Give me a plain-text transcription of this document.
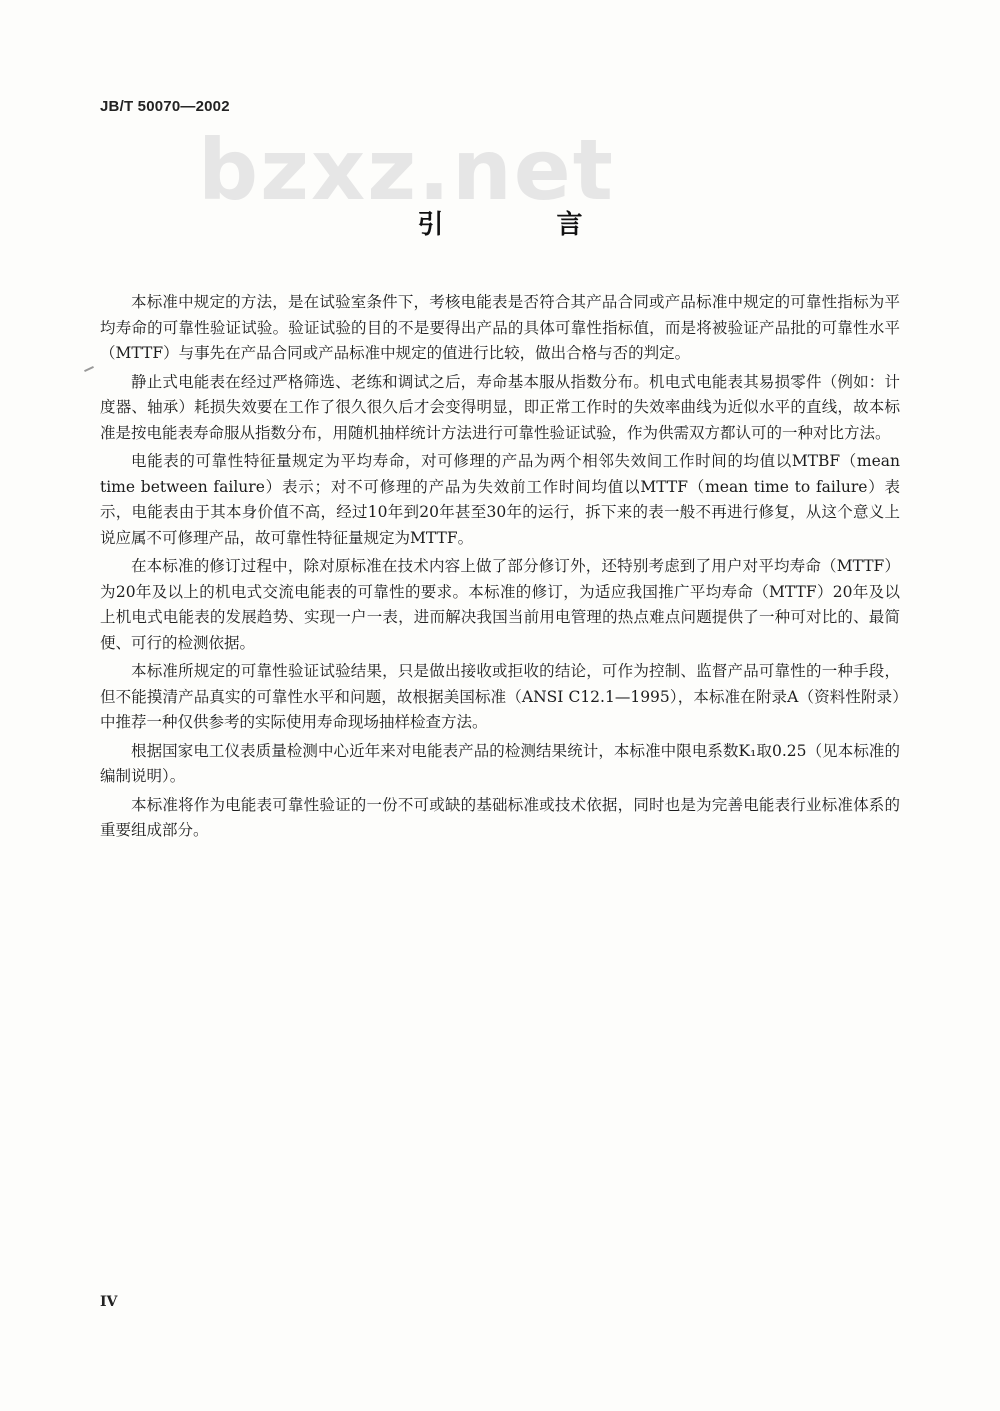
JB/T 50070—2002
bzxz.net
引 言

本标准中规定的方法，是在试验室条件下，考核电能表是否符合其产品合同或产品标准中规定的可靠性指标为平均寿命的可靠性验证试验。验证试验的目的不是要得出产品的具体可靠性指标值，而是将被验证产品批的可靠性水平（MTTF）与事先在产品合同或产品标准中规定的值进行比较，做出合格与否的判定。

静止式电能表在经过严格筛选、老练和调试之后，寿命基本服从指数分布。机电式电能表其易损零件（例如：计度器、轴承）耗损失效要在工作了很久很久后才会变得明显，即正常工作时的失效率曲线为近似水平的直线，故本标准是按电能表寿命服从指数分布，用随机抽样统计方法进行可靠性验证试验，作为供需双方都认可的一种对比方法。

电能表的可靠性特征量规定为平均寿命，对可修理的产品为两个相邻失效间工作时间的均值以MTBF（mean time between failure）表示；对不可修理的产品为失效前工作时间均值以MTTF（mean time to failure）表示，电能表由于其本身价值不高，经过10年到20年甚至30年的运行，拆下来的表一般不再进行修复，从这个意义上说应属不可修理产品，故可靠性特征量规定为MTTF。

在本标准的修订过程中，除对原标准在技术内容上做了部分修订外，还特别考虑到了用户对平均寿命（MTTF）为20年及以上的机电式交流电能表的可靠性的要求。本标准的修订，为适应我国推广平均寿命（MTTF）20年及以上机电式电能表的发展趋势、实现一户一表，进而解决我国当前用电管理的热点难点问题提供了一种可对比的、最简便、可行的检测依据。

本标准所规定的可靠性验证试验结果，只是做出接收或拒收的结论，可作为控制、监督产品可靠性的一种手段，但不能摸清产品真实的可靠性水平和问题，故根据美国标准（ANSI C12.1—1995），本标准在附录A（资料性附录）中推荐一种仅供参考的实际使用寿命现场抽样检查方法。

根据国家电工仪表质量检测中心近年来对电能表产品的检测结果统计，本标准中限电系数K₁取0.25（见本标准的编制说明）。

本标准将作为电能表可靠性验证的一份不可或缺的基础标准或技术依据，同时也是为完善电能表行业标准体系的重要组成部分。

IV
